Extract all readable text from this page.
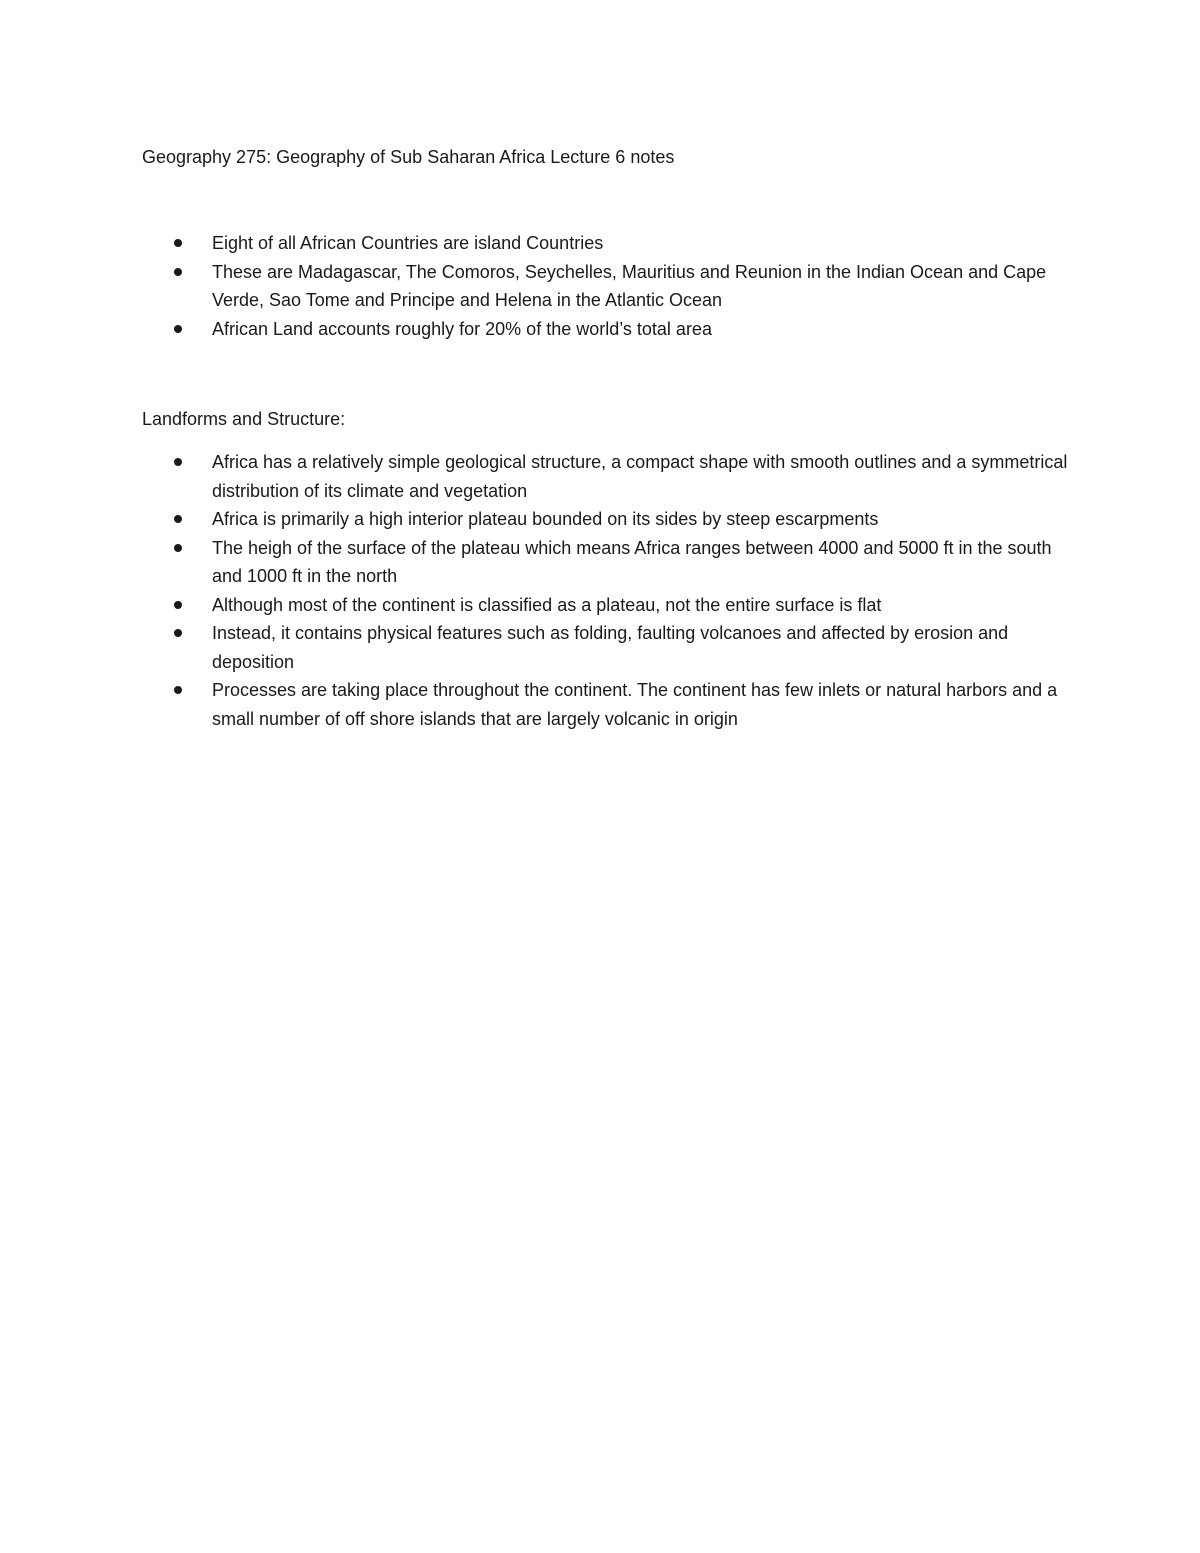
Geography 275: Geography of Sub Saharan Africa Lecture 6 notes
Eight of all African Countries are island Countries
These are Madagascar, The Comoros, Seychelles, Mauritius and Reunion in the Indian Ocean and Cape Verde, Sao Tome and Principe and Helena in the Atlantic Ocean
African Land accounts roughly for 20% of the world’s total area
Landforms and Structure:
Africa has a relatively simple geological structure, a compact shape with smooth outlines and a symmetrical distribution of its climate and vegetation
Africa is primarily a high interior plateau bounded on its sides by steep escarpments
The heigh of the surface of the plateau which means Africa ranges between 4000 and 5000 ft in the south and 1000 ft in the north
Although most of the continent is classified as a plateau, not the entire surface is flat
Instead, it contains physical features such as folding, faulting volcanoes and affected by erosion and deposition
Processes are taking place throughout the continent. The continent has few inlets or natural harbors and a small number of off shore islands that are largely volcanic in origin
